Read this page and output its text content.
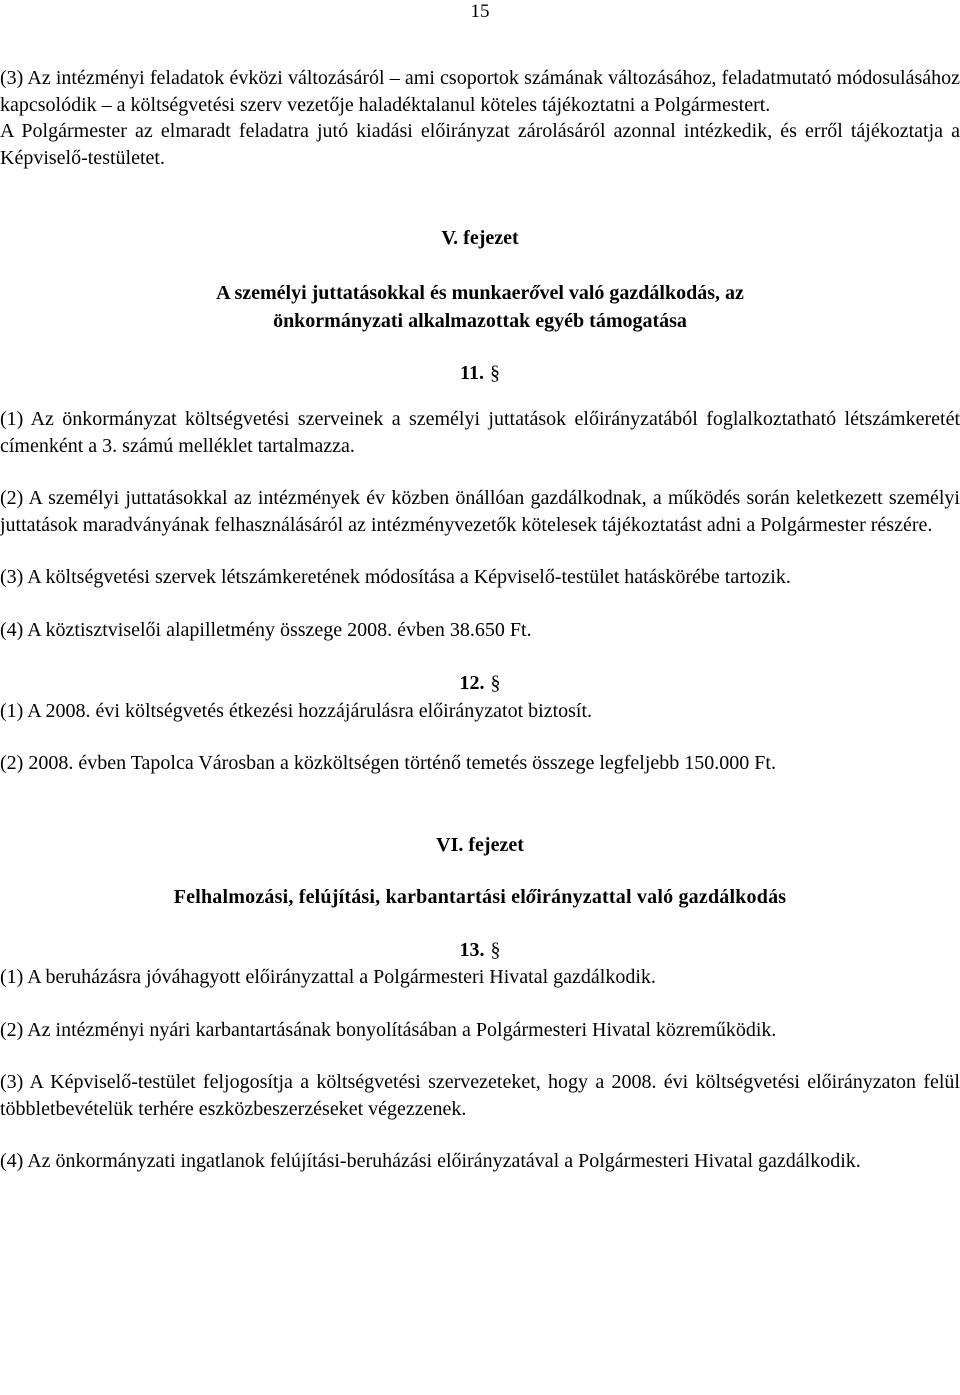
15

(3) Az intézményi feladatok évközi változásáról – ami csoportok számának változásához, feladatmutató módosulásához kapcsolódik – a költségvetési szerv vezetője haladéktalanul köteles tájékoztatni a Polgármestert.

A Polgármester az elmaradt feladatra jutó kiadási előirányzat zárolásáról azonnal intézkedik, és erről tájékoztatja a Képviselő-testületet.

V. fejezet

A személyi juttatásokkal és munkaerővel való gazdálkodás, az önkormányzati alkalmazottak egyéb támogatása

11. §

(1) Az önkormányzat költségvetési szerveinek a személyi juttatások előirányzatából foglalkoztatható létszámkeretét címenként a 3. számú melléklet tartalmazza.

(2) A személyi juttatásokkal az intézmények év közben önállóan gazdálkodnak, a működés során keletkezett személyi juttatások maradványának felhasználásáról az intézményvezetők kötelesek tájékoztatást adni a Polgármester részére.

(3) A költségvetési szervek létszámkeretének módosítása a Képviselő-testület hatáskörébe tartozik.

(4) A köztisztviselői alapilletmény összege 2008. évben 38.650 Ft.

12. §

(1) A 2008. évi költségvetés étkezési hozzájárulásra előirányzatot biztosít.

(2) 2008. évben Tapolca Városban a közköltségen történő temetés összege legfeljebb 150.000 Ft.

VI. fejezet

Felhalmozási, felújítási, karbantartási előirányzattal való gazdálkodás

13. §

(1) A beruházásra jóváhagyott előirányzattal a Polgármesteri Hivatal gazdálkodik.

(2) Az intézményi nyári karbantartásának bonyolításában a Polgármesteri Hivatal közreműködik.

(3) A Képviselő-testület feljogosítja a költségvetési szervezeteket, hogy a 2008. évi költségvetési előirányzaton felül többletbevételük terhére eszközbeszerzéseket végezzenek.

(4) Az önkormányzati ingatlanok felújítási-beruházási előirányzatával a Polgármesteri Hivatal gazdálkodik.
